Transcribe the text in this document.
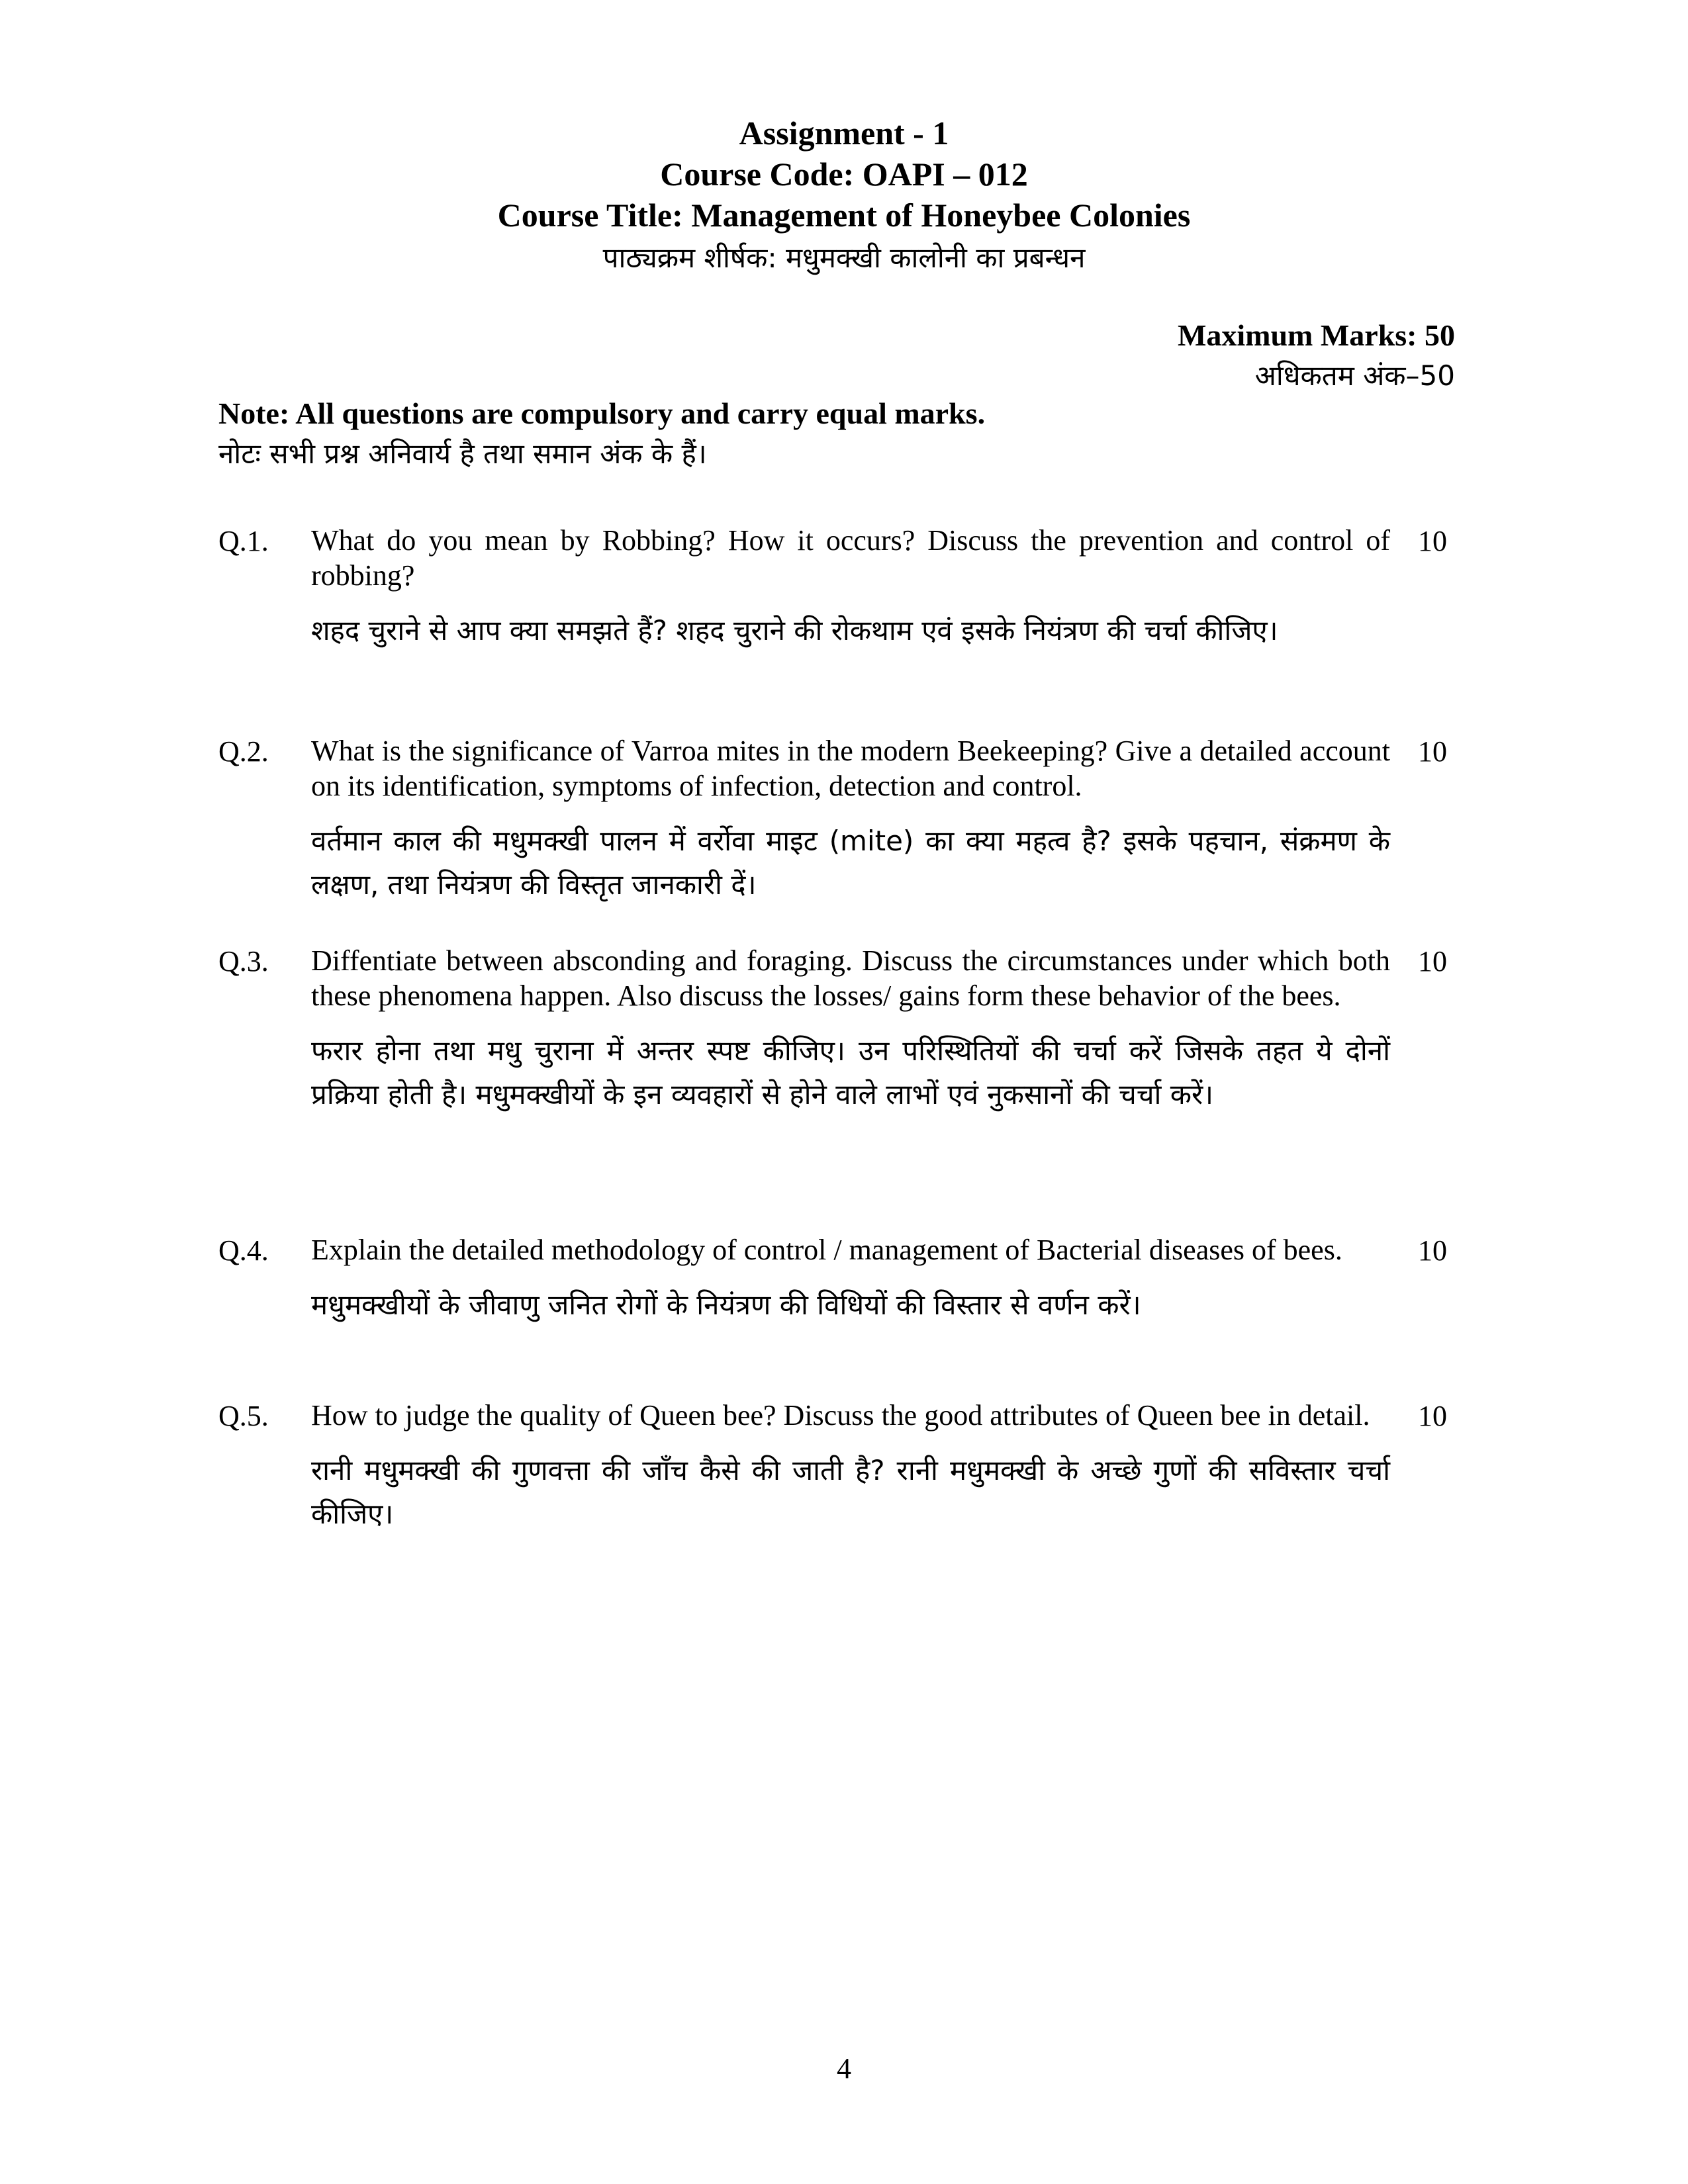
Assignment - 1
Course Code: OAPI – 012
Course Title: Management of Honeybee Colonies
पाठ्यक्रम शीर्षक: मधुमक्खी कालोनी का प्रबन्धन
Maximum Marks: 50
अधिकतम अंक–50
Note: All questions are compulsory and carry equal marks.
नोटः सभी प्रश्न अनिवार्य है तथा समान अंक के हैं।
Q.1. What do you mean by Robbing? How it occurs? Discuss the prevention and control of robbing?
शहद चुराने से आप क्या समझते हैं? शहद चुराने की रोकथाम एवं इसके नियंत्रण की चर्चा कीजिए।
10
Q.2. What is the significance of Varroa mites in the modern Beekeeping? Give a detailed account on its identification, symptoms of infection, detection and control.
वर्तमान काल की मधुमक्खी पालन में वर्रोवा माइट (mite) का क्या महत्व है? इसके पहचान, संक्रमण के लक्षण, तथा नियंत्रण की विस्तृत जानकारी दें।
10
Q.3. Diffentiate between absconding and foraging. Discuss the circumstances under which both these phenomena happen. Also discuss the losses/ gains form these behavior of the bees.
फरार होना तथा मधु चुराना में अन्तर स्पष्ट कीजिए। उन परिस्थितियों की चर्चा करें जिसके तहत ये दोनों प्रक्रिया होती है। मधुमक्खीयों के इन व्यवहारों से होने वाले लाभों एवं नुकसानों की चर्चा करें।
10
Q.4. Explain the detailed methodology of control / management of Bacterial diseases of bees.
मधुमक्खीयों के जीवाणु जनित रोगों के नियंत्रण की विधियों की विस्तार से वर्णन करें।
10
Q.5. How to judge the quality of Queen bee? Discuss the good attributes of Queen bee in detail.
रानी मधुमक्खी की गुणवत्ता की जाँच कैसे की जाती है? रानी मधुमक्खी के अच्छे गुणों की सविस्तार चर्चा कीजिए।
10
4
